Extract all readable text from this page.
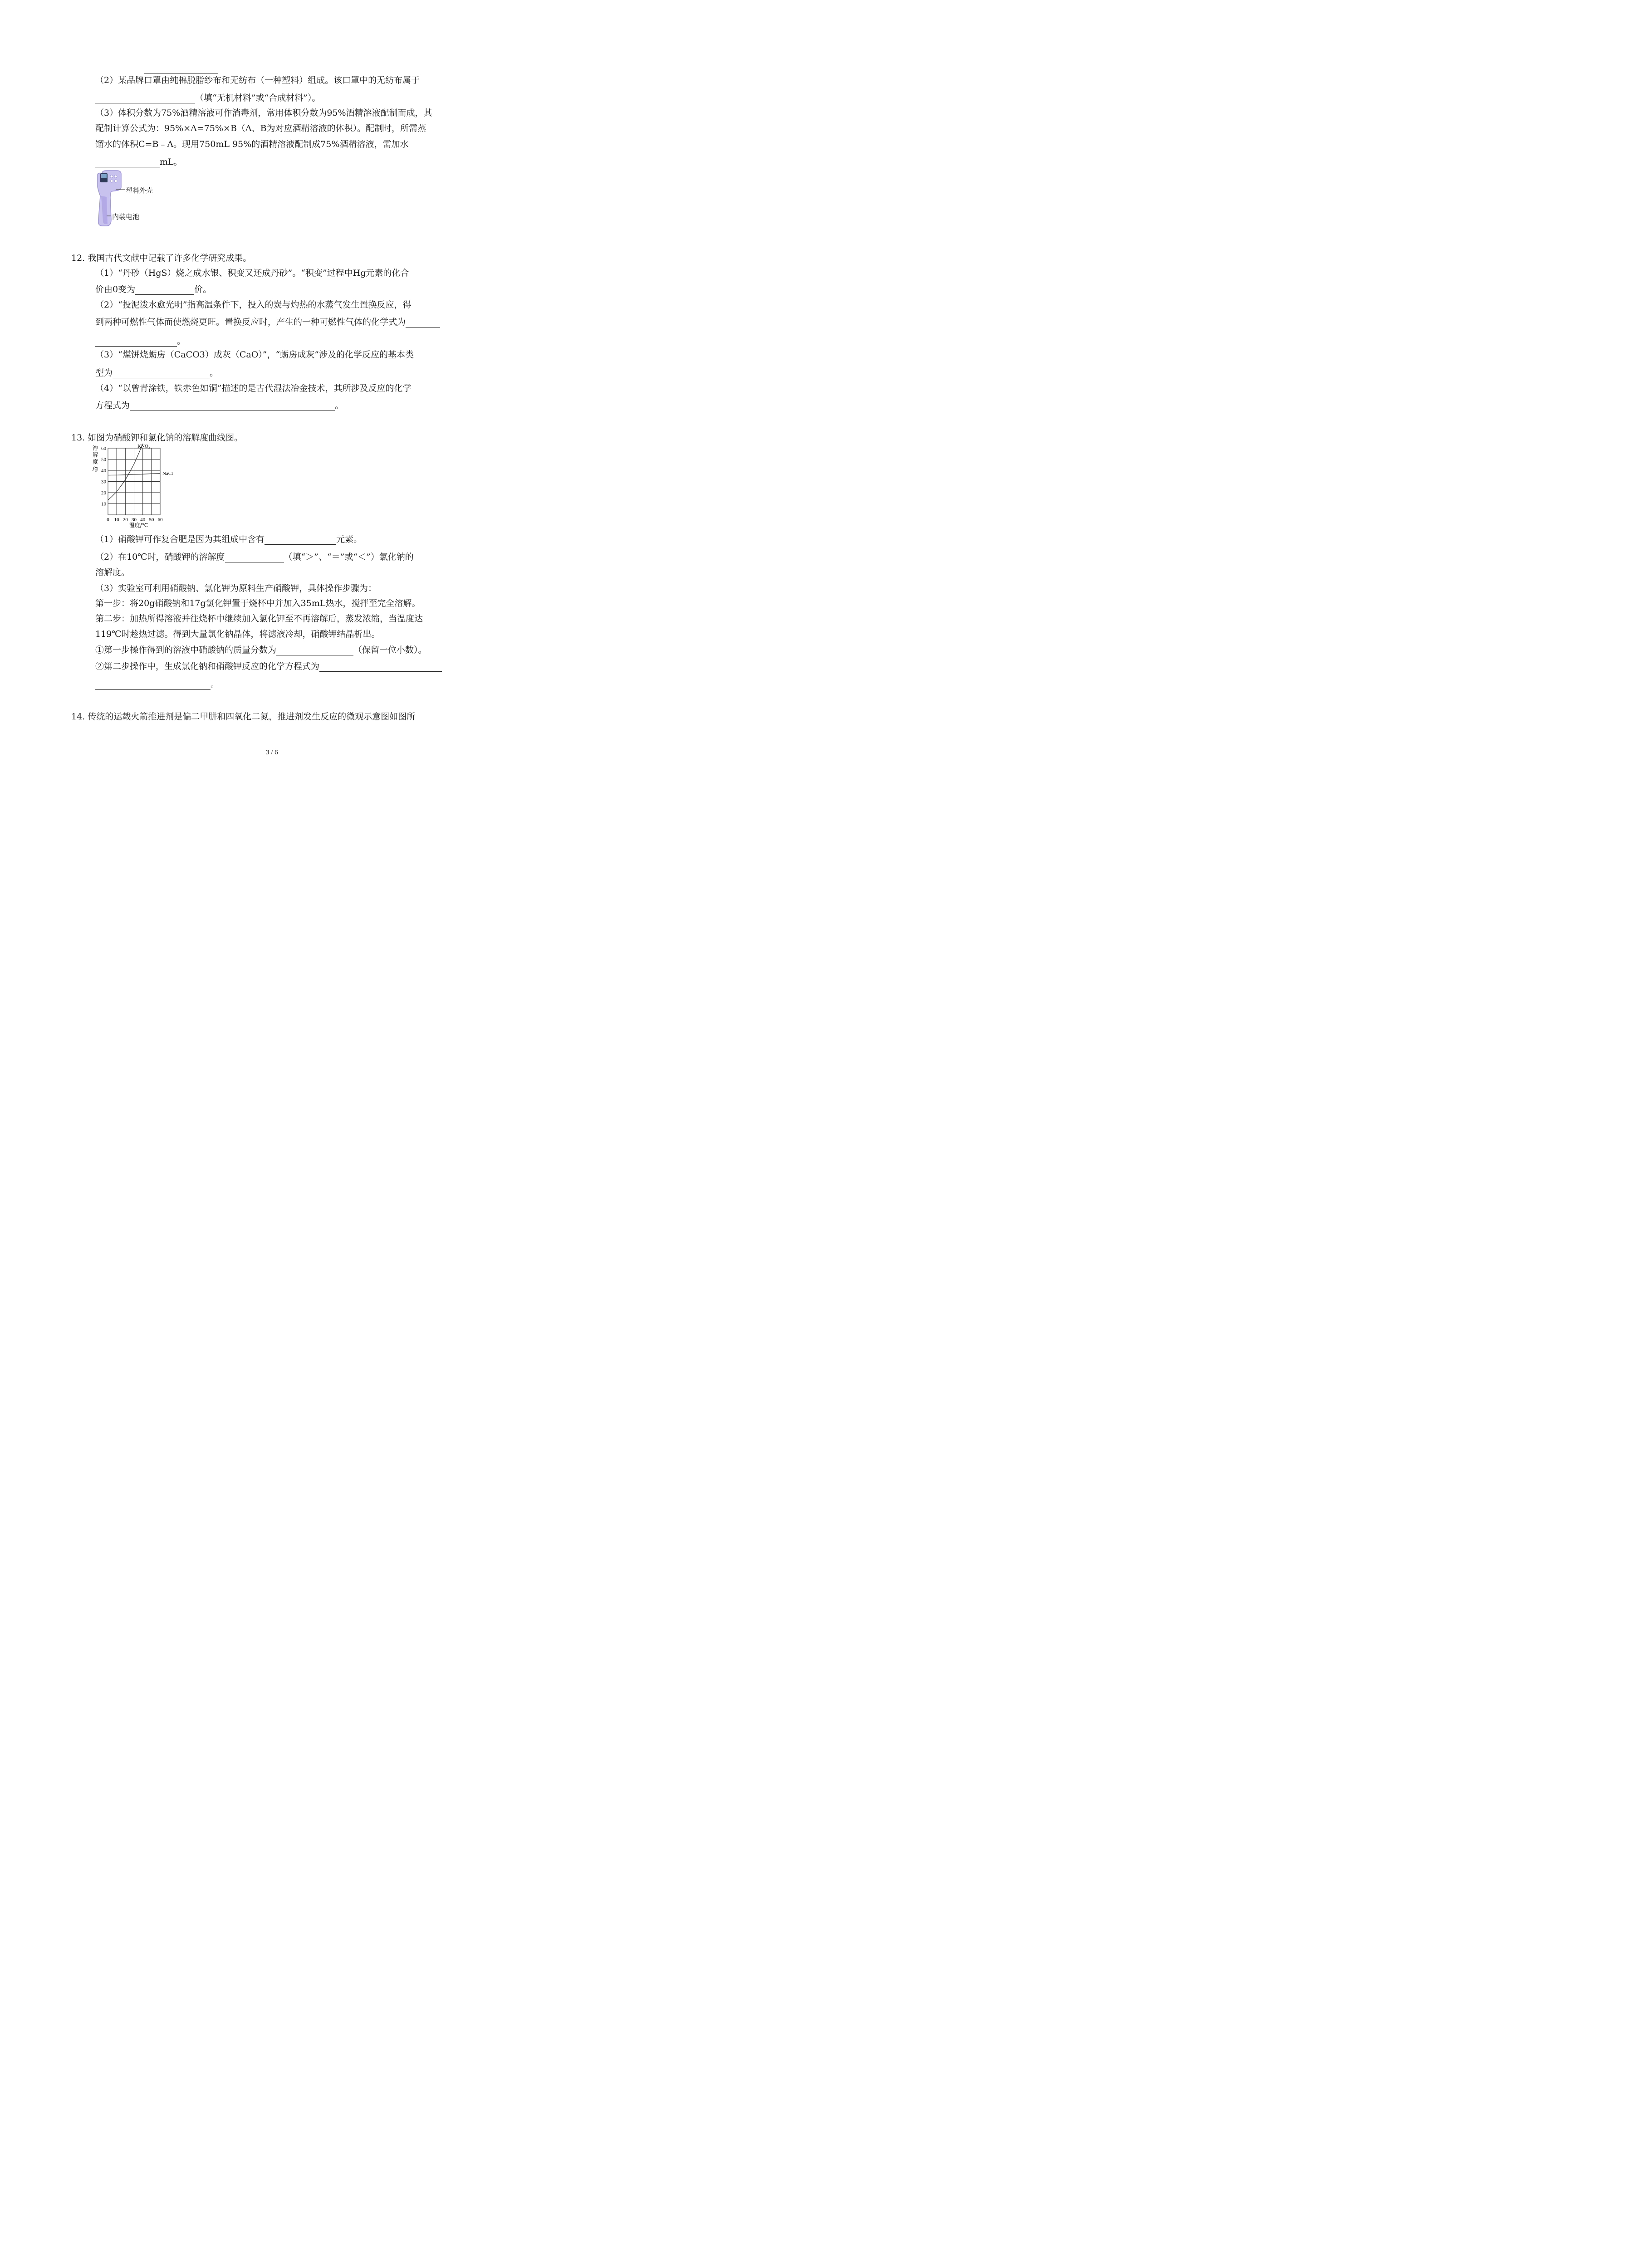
（2）某品牌口罩由纯棉脱脂纱布和无纺布（一种塑料）组成。该口罩中的无纺布属于
（填“无机材料”或“合成材料”）。
（3）体积分数为75%酒精溶液可作消毒剂，常用体积分数为95%酒精溶液配制而成，其
配制计算公式为：95%×A=75%×B（A、B为对应酒精溶液的体积）。配制时，所需蒸
馏水的体积C=B﹣A。现用750mL 95%的酒精溶液配制成75%酒精溶液，需加水
mL。
塑料外壳
内装电池
12. 我国古代文献中记载了许多化学研究成果。
（1）“丹砂（HgS）烧之成水银、积变又还成丹砂”。“积变”过程中Hg元素的化合
价由0变为	价。
（2）“投泥泼水愈光明”指高温条件下，投入的炭与灼热的水蒸气发生置换反应，得
到两种可燃性气体而使燃烧更旺。置换反应时，产生的一种可燃性气体的化学式为
。
（3）“煤饼烧蛎房（CaCO3）成灰（CaO）”，“蛎房成灰”涉及的化学反应的基本类
型为	。
（4）“以曾青涂铁，铁赤色如铜”描述的是古代湿法冶金技术，其所涉及反应的化学
方程式为	。
13. 如图为硝酸钾和氯化钠的溶解度曲线图。
0 10 20 30 40 50 60
10
20
30
40
50
60	KNO₃
NaCl
溶
解
度
/g
温度/℃
（1）硝酸钾可作复合肥是因为其组成中含有	元素。
（2）在10℃时，硝酸钾的溶解度	（填“＞”、“＝”或“＜”）氯化钠的
溶解度。
（3）实验室可利用硝酸钠、氯化钾为原料生产硝酸钾，具体操作步骤为：
第一步：将20g硝酸钠和17g氯化钾置于烧杯中并加入35mL热水，搅拌至完全溶解。
第二步：加热所得溶液并往烧杯中继续加入氯化钾至不再溶解后，蒸发浓缩，当温度达
119℃时趁热过滤。得到大量氯化钠晶体，将滤液冷却，硝酸钾结晶析出。
①第一步操作得到的溶液中硝酸钠的质量分数为	（保留一位小数）。
②第二步操作中，生成氯化钠和硝酸钾反应的化学方程式为
。
14. 传统的运载火箭推进剂是偏二甲肼和四氧化二氮，推进剂发生反应的微观示意图如图所
3 / 6
